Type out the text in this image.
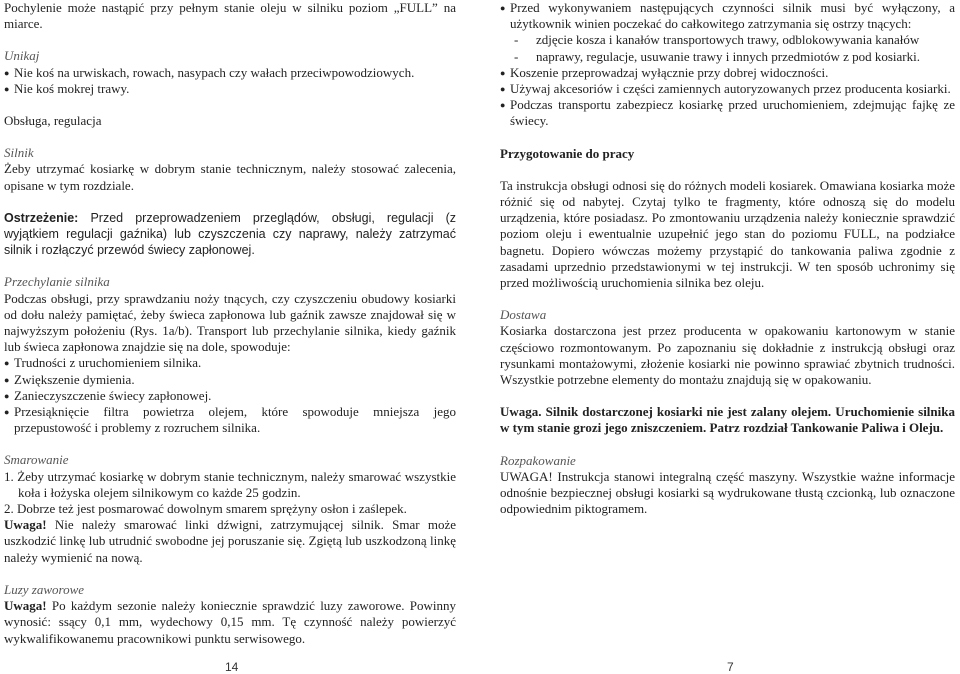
Pochylenie może nastąpić przy pełnym stanie oleju w silniku poziom „FULL” na miarce.

Unikaj

● Nie koś na urwiskach, rowach, nasypach czy wałach przeciwpowodziowych.
● Nie koś mokrej trawy.

Obsługa, regulacja

Silnik

Żeby utrzymać kosiarkę w dobrym stanie technicznym, należy stosować zalecenia, opisane w tym rozdziale.

Ostrzeżenie: Przed przeprowadzeniem przeglądów, obsługi, regulacji (z wyjątkiem regulacji gaźnika) lub czyszczenia czy naprawy, należy zatrzymać silnik i rozłączyć przewód świecy zapłonowej.

Przechylanie silnika

Podczas obsługi, przy sprawdzaniu noży tnących, czy czyszczeniu obudowy kosiarki od dołu należy pamiętać, żeby świeca zapłonowa lub gaźnik zawsze znajdował się w najwyższym położeniu (Rys. 1a/b). Transport lub przechylanie silnika, kiedy gaźnik lub świeca zapłonowa znajdzie się na dole, spowoduje:

● Trudności z uruchomieniem silnika.
● Zwiększenie dymienia.
● Zanieczyszczenie świecy zapłonowej.
● Przesiąknięcie filtra powietrza olejem, które spowoduje mniejsza jego przepustowość i problemy z rozruchem silnika.

Smarowanie

1. Żeby utrzymać kosiarkę w dobrym stanie technicznym, należy smarować wszystkie koła i łożyska olejem silnikowym co każde 25 godzin.

2. Dobrze też jest posmarować dowolnym smarem sprężyny osłon i zaślepek.

Uwaga! Nie należy smarować linki dźwigni, zatrzymującej silnik. Smar może uszkodzić linkę lub utrudnić swobodne jej poruszanie się. Zgiętą lub uszkodzoną linkę należy wymienić na nową.

Luzy zaworowe

Uwaga! Po każdym sezonie należy koniecznie sprawdzić luzy zaworowe. Powinny wynosić: ssący 0,1 mm, wydechowy 0,15 mm. Tę czynność należy powierzyć wykwalifikowanemu pracownikowi punktu serwisowego.

● Przed wykonywaniem następujących czynności silnik musi być wyłączony, a użytkownik winien poczekać do całkowitego zatrzymania się ostrzy tnących:
-	zdjęcie kosza i kanałów transportowych trawy, odblokowywania kanałów
-	naprawy, regulacje, usuwanie trawy i innych przedmiotów z pod kosiarki.
● Koszenie przeprowadzaj wyłącznie przy dobrej widoczności.
● Używaj akcesoriów i części zamiennych autoryzowanych przez producenta kosiarki.
● Podczas transportu zabezpiecz kosiarkę przed uruchomieniem, zdejmując fajkę ze świecy.

Przygotowanie do pracy

Ta instrukcja obsługi odnosi się do różnych modeli kosiarek. Omawiana kosiarka może różnić się od nabytej. Czytaj tylko te fragmenty, które odnoszą się do modelu urządzenia, które posiadasz. Po zmontowaniu urządzenia należy koniecznie sprawdzić poziom oleju i ewentualnie uzupełnić jego stan do poziomu FULL, na podziałce bagnetu. Dopiero wówczas możemy przystąpić do tankowania paliwa zgodnie z zasadami uprzednio przedstawionymi w tej instrukcji. W ten sposób uchronimy się przed możliwością uruchomienia silnika bez oleju.

Dostawa

Kosiarka dostarczona jest przez producenta w opakowaniu kartonowym w stanie częściowo rozmontowanym. Po zapoznaniu się dokładnie z instrukcją obsługi oraz rysunkami montażowymi, złożenie kosiarki nie powinno sprawiać zbytnich trudności. Wszystkie potrzebne elementy do montażu znajdują się w opakowaniu.

Uwaga. Silnik dostarczonej kosiarki nie jest zalany olejem. Uruchomienie silnika w tym stanie grozi jego zniszczeniem. Patrz rozdział Tankowanie Paliwa i Oleju.

Rozpakowanie

UWAGA! Instrukcja stanowi integralną część maszyny. Wszystkie ważne informacje odnośnie bezpiecznej obsługi kosiarki są wydrukowane tłustą czcionką, lub oznaczone odpowiednim piktogramem.

14	7
